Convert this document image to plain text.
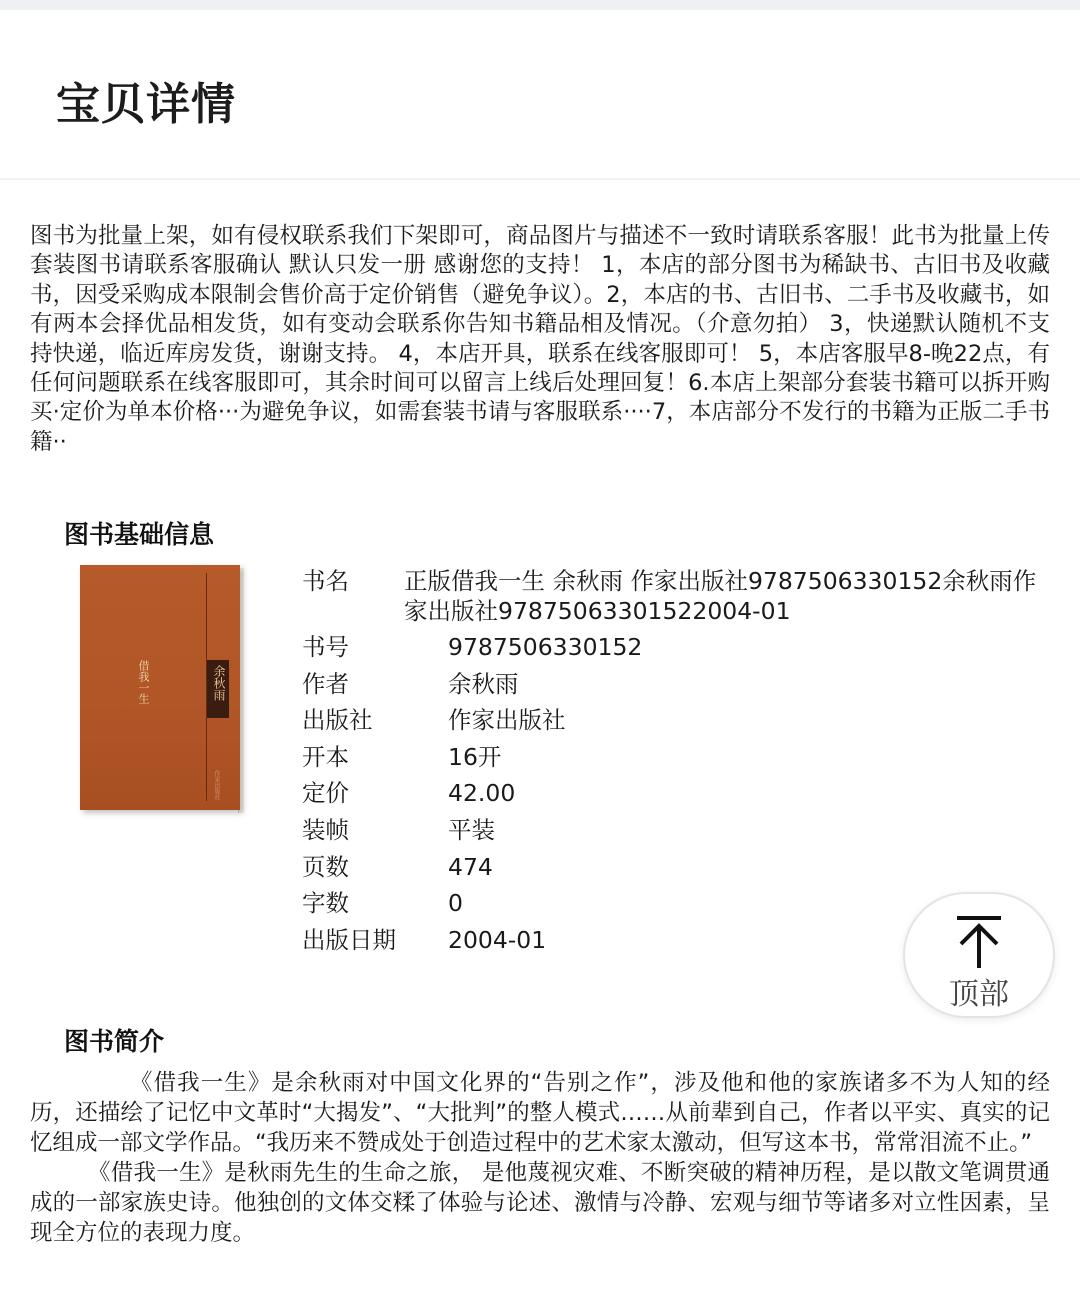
宝贝详情

图书为批量上架，如有侵权联系我们下架即可，商品图片与描述不一致时请联系客服！此书为批量上传 套装图书请联系客服确认 默认只发一册 感谢您的支持！ 1，本店的部分图书为稀缺书、古旧书及收藏书，因受采购成本限制会售价高于定价销售（避免争议）。2，本店的书、古旧书、二手书及收藏书，如有两本会择优品相发货，如有变动会联系你告知书籍品相及情况。（介意勿拍） 3，快递默认随机不支持快递，临近库房发货，谢谢支持。 4，本店开具，联系在线客服即可！ 5，本店客服早8-晚22点，有任何问题联系在线客服即可，其余时间可以留言上线后处理回复！6.本店上架部分套装书籍可以拆开购买·定价为单本价格···为避免争议，如需套装书请与客服联系····7，本店部分不发行的书籍为正版二手书籍··

图书基础信息
借我一生	余秋雨
作家出版社
书名 正版借我一生 余秋雨 作家出版社9787506330152余秋雨作家出版社97875063301522004-01
书号	9787506330152
作者	余秋雨
出版社	作家出版社
开本	16开
定价	42.00
装帧	平装
页数	474
字数	0
出版日期 2004-01
顶部
图书简介

《借我一生》是余秋雨对中国文化界的“告别之作”，涉及他和他的家族诸多不为人知的经历，还描绘了记忆中文革时“大揭发”、“大批判”的整人模式……从前辈到自己，作者以平实、真实的记忆组成一部文学作品。“我历来不赞成处于创造过程中的艺术家太激动，但写这本书，常常泪流不止。”

《借我一生》是秋雨先生的生命之旅， 是他蔑视灾难、不断突破的精神历程，是以散文笔调贯通成的一部家族史诗。他独创的文体交糅了体验与论述、激情与冷静、宏观与细节等诸多对立性因素，呈现全方位的表现力度。
